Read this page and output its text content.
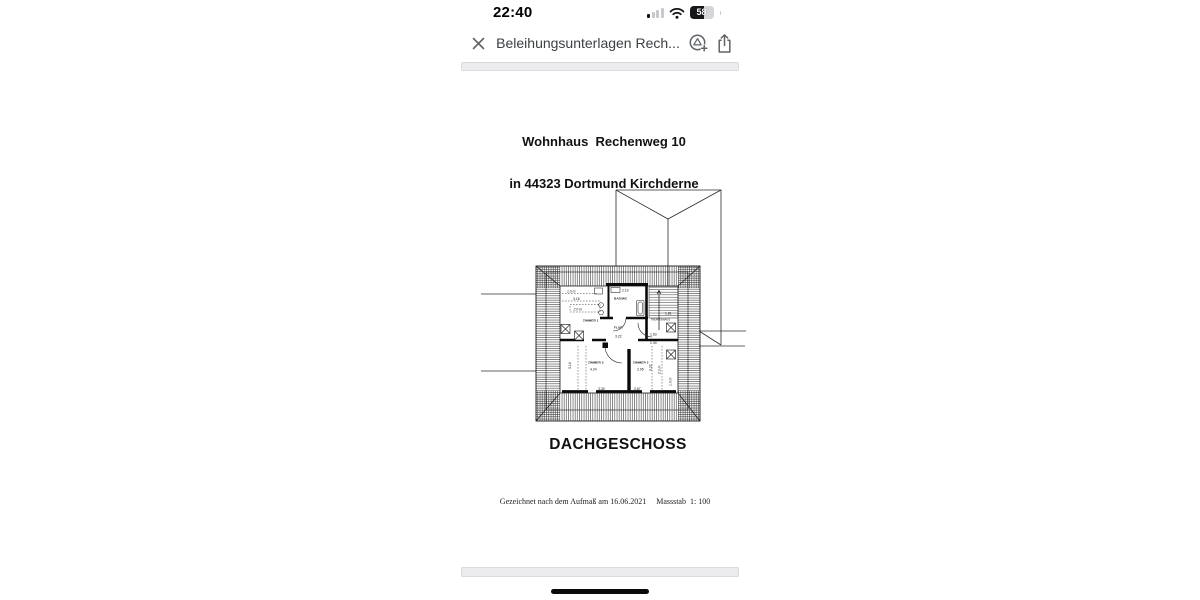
22:40	58
Beleihungsunterlagen Rech...

Wohnhaus  Rechenweg 10

in 44323 Dortmund Kirchderne

1.0 m
3.16
2.0 m
ZIMMER 1
BAD/WC
2.76
2.10
TREPPENHAUS
1.81
FLUR
3.22
1.63
1.44
ZIMMER 3
4.24
ZIMMER 2
2.95
3.14	3.02 2.0 m
1.0 m
3.30	0.67
DACHGESCHOSS

Gezeichnet nach dem Aufmaß am 16.06.2021 Massstab  1: 100
